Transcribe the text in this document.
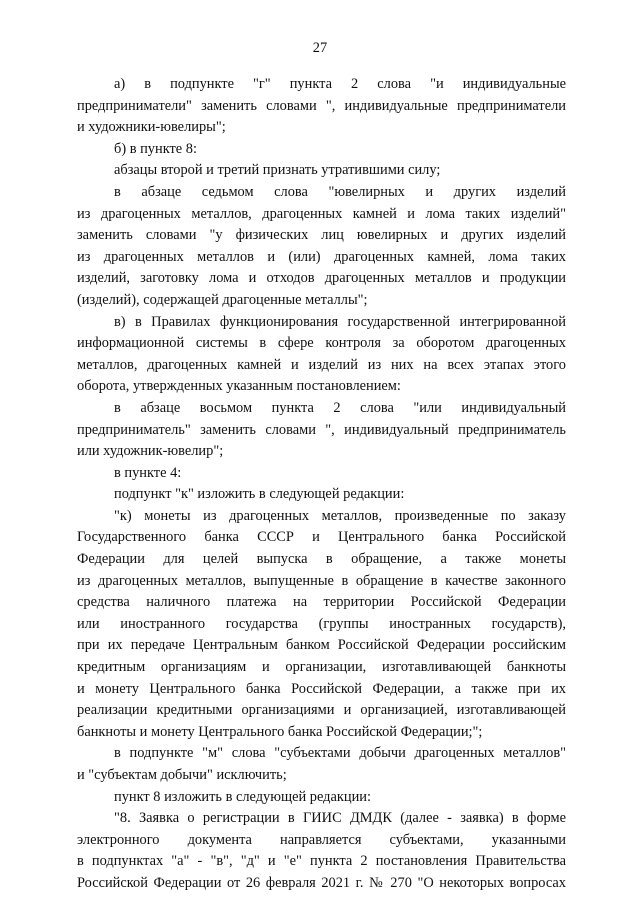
27
а) в подпункте "г" пункта 2 слова "и индивидуальные
предприниматели" заменить словами ", индивидуальные предприниматели
и художники-ювелиры";
б) в пункте 8:
абзацы второй и третий признать утратившими силу;
в абзаце седьмом слова "ювелирных и других изделий
из драгоценных металлов, драгоценных камней и лома таких изделий"
заменить словами "у физических лиц ювелирных и других изделий
из драгоценных металлов и (или) драгоценных камней, лома таких
изделий, заготовку лома и отходов драгоценных металлов и продукции
(изделий), содержащей драгоценные металлы";
в) в Правилах функционирования государственной интегрированной
информационной системы в сфере контроля за оборотом драгоценных
металлов, драгоценных камней и изделий из них на всех этапах этого
оборота, утвержденных указанным постановлением:
в абзаце восьмом пункта 2 слова "или индивидуальный
предприниматель" заменить словами ", индивидуальный предприниматель
или художник-ювелир";
в пункте 4:
подпункт "к" изложить в следующей редакции:
"к) монеты из драгоценных металлов, произведенные по заказу
Государственного банка СССР и Центрального банка Российской
Федерации для целей выпуска в обращение, а также монеты
из драгоценных металлов, выпущенные в обращение в качестве законного
средства наличного платежа на территории Российской Федерации
или иностранного государства (группы иностранных государств),
при их передаче Центральным банком Российской Федерации российским
кредитным организациям и организации, изготавливающей банкноты
и монету Центрального банка Российской Федерации, а также при их
реализации кредитными организациями и организацией, изготавливающей
банкноты и монету Центрального банка Российской Федерации;";
в подпункте "м" слова "субъектами добычи драгоценных металлов"
и "субъектам добычи" исключить;
пункт 8 изложить в следующей редакции:
"8. Заявка о регистрации в ГИИС ДМДК (далее - заявка) в форме
электронного документа направляется субъектами, указанными
в подпунктах "а" - "в", "д" и "е" пункта 2 постановления Правительства
Российской Федерации от 26 февраля 2021 г. № 270 "О некоторых вопросах
